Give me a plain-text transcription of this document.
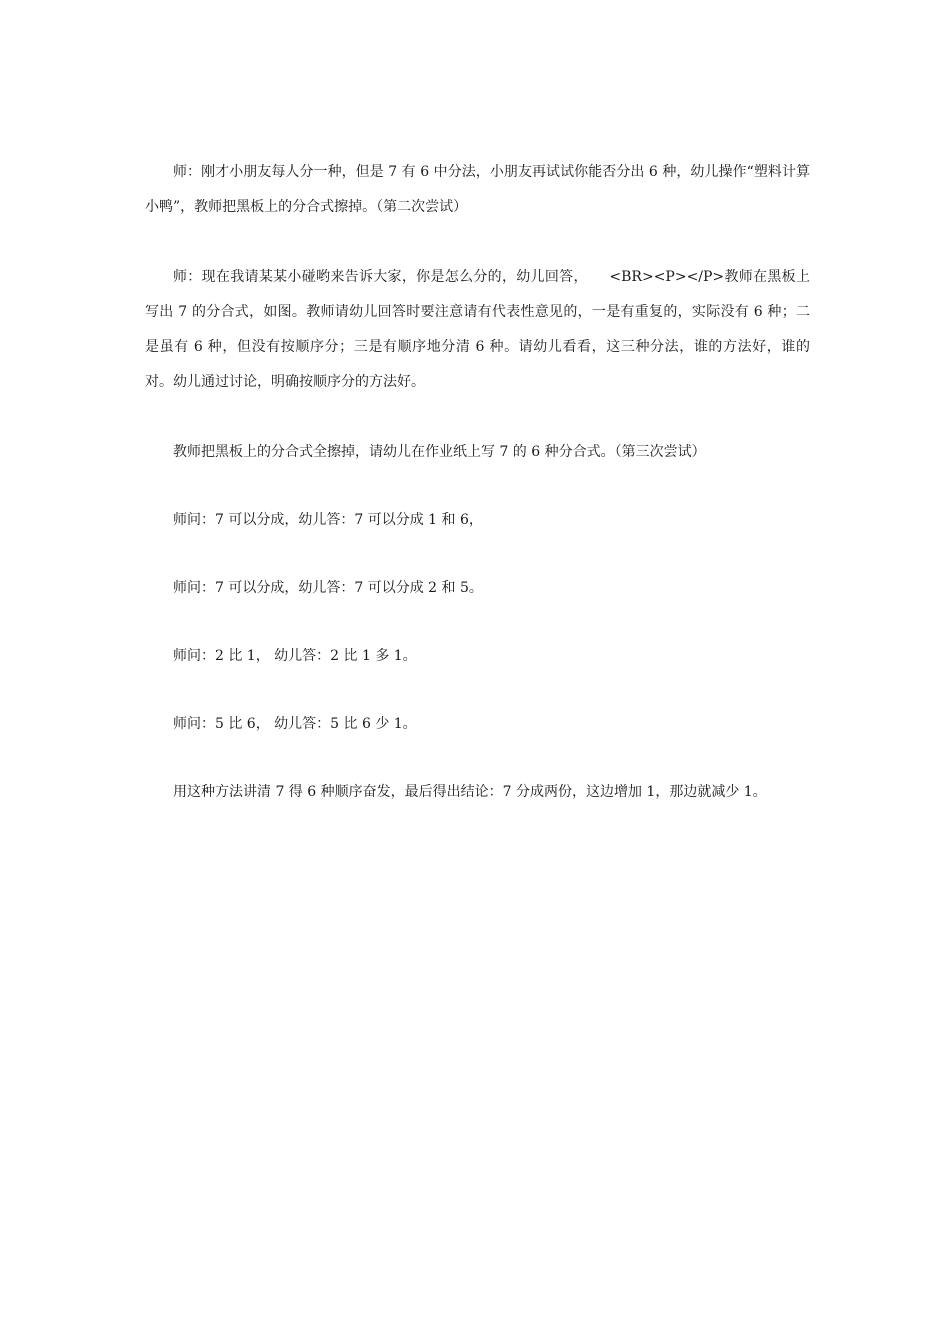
师：刚才小朋友每人分一种，但是 7 有 6 中分法，小朋友再试试你能否分出 6 种，幼儿操作“塑料计算小鸭”，教师把黑板上的分合式擦掉。（第二次尝试）

师：现在我请某某小碰哟来告诉大家，你是怎么分的，幼儿回答，　　<BR><P></P>教师在黑板上写出 7 的分合式，如图。教师请幼儿回答时要注意请有代表性意见的，一是有重复的，实际没有 6 种；二是虽有 6 种，但没有按顺序分；三是有顺序地分清 6 种。请幼儿看看，这三种分法，谁的方法好，谁的对。幼儿通过讨论，明确按顺序分的方法好。

教师把黑板上的分合式全擦掉，请幼儿在作业纸上写 7 的 6 种分合式。（第三次尝试）

师问：7 可以分成，幼儿答：7 可以分成 1 和 6，

师问：7 可以分成，幼儿答：7 可以分成 2 和 5。

师问：2 比 1， 幼儿答：2 比 1 多 1。

师问：5 比 6， 幼儿答：5 比 6 少 1。

用这种方法讲清 7 得 6 种顺序奋发，最后得出结论：7 分成两份，这边增加 1，那边就减少 1。
